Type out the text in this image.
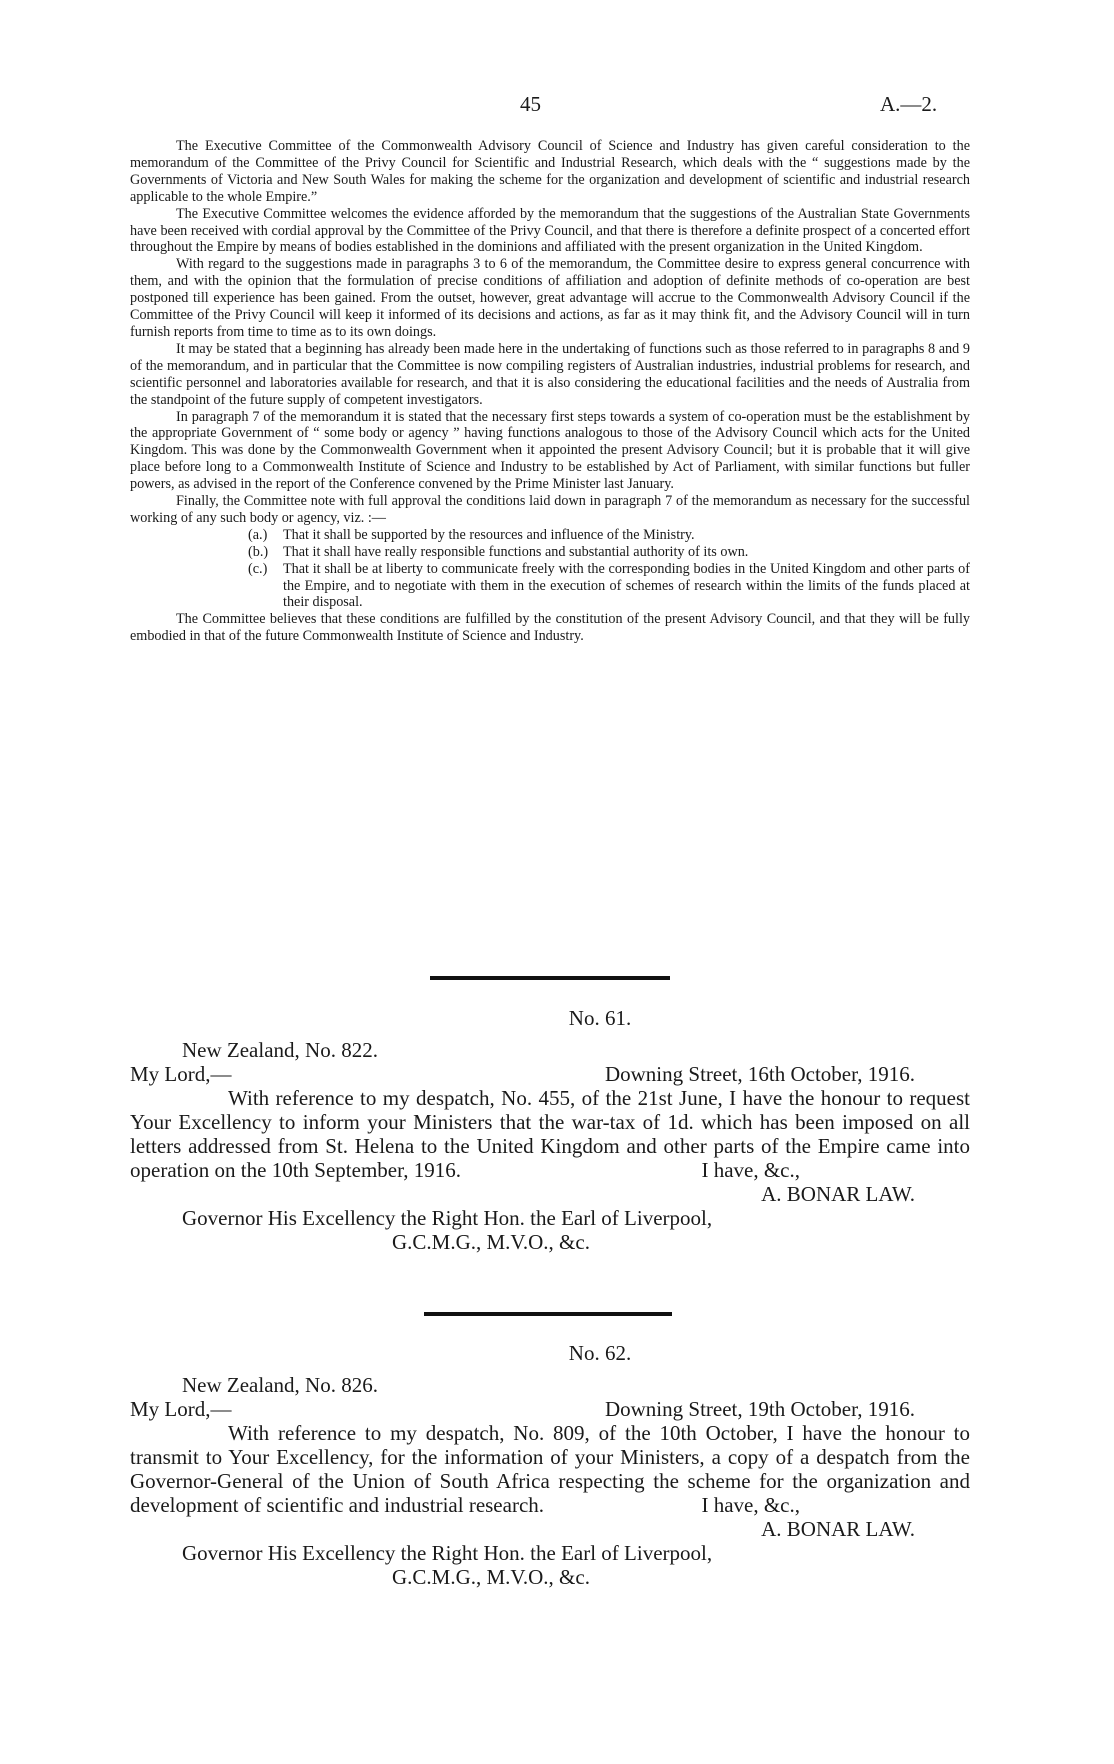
45	A.—2.

The Executive Committee of the Commonwealth Advisory Council of Science and Industry has given careful consideration to the memorandum of the Committee of the Privy Council for Scientific and Industrial Research, which deals with the “ suggestions made by the Governments of Victoria and New South Wales for making the scheme for the organization and development of scientific and industrial research applicable to the whole Empire.”

The Executive Committee welcomes the evidence afforded by the memorandum that the suggestions of the Australian State Governments have been received with cordial approval by the Committee of the Privy Council, and that there is therefore a definite prospect of a concerted effort throughout the Empire by means of bodies established in the dominions and affiliated with the present organization in the United Kingdom.

With regard to the suggestions made in paragraphs 3 to 6 of the memorandum, the Committee desire to express general concurrence with them, and with the opinion that the formulation of precise conditions of affiliation and adoption of definite methods of co-operation are best postponed till experience has been gained. From the outset, however, great advantage will accrue to the Commonwealth Advisory Council if the Committee of the Privy Council will keep it informed of its decisions and actions, as far as it may think fit, and the Advisory Council will in turn furnish reports from time to time as to its own doings.

It may be stated that a beginning has already been made here in the undertaking of functions such as those referred to in paragraphs 8 and 9 of the memorandum, and in particular that the Committee is now compiling registers of Australian industries, industrial problems for research, and scientific personnel and laboratories available for research, and that it is also considering the educational facilities and the needs of Australia from the standpoint of the future supply of competent investigators.

In paragraph 7 of the memorandum it is stated that the necessary first steps towards a system of co-operation must be the establishment by the appropriate Government of “ some body or agency ” having functions analogous to those of the Advisory Council which acts for the United Kingdom. This was done by the Commonwealth Government when it appointed the present Advisory Council; but it is probable that it will give place before long to a Commonwealth Institute of Science and Industry to be established by Act of Parliament, with similar functions but fuller powers, as advised in the report of the Conference convened by the Prime Minister last January.

Finally, the Committee note with full approval the conditions laid down in paragraph 7 of the memorandum as necessary for the successful working of any such body or agency, viz. :—

(a.)	That it shall be supported by the resources and influence of the Ministry.

(b.)	That it shall have really responsible functions and substantial authority of its own.

(c.)	That it shall be at liberty to communicate freely with the corresponding bodies in the United Kingdom and other parts of the Empire, and to negotiate with them in the execution of schemes of research within the limits of the funds placed at their disposal.

The Committee believes that these conditions are fulfilled by the constitution of the present Advisory Council, and that they will be fully embodied in that of the future Commonwealth Institute of Science and Industry.

No. 61.
New Zealand, No. 822.
My Lord,—	Downing Street, 16th October, 1916.
With reference to my despatch, No. 455, of the 21st June, I have the honour to request Your Excellency to inform your Ministers that the war-tax of 1d. which has been imposed on all letters addressed from St. Helena to the United Kingdom and other parts of the Empire came into operation on the 10th September, 1916.	I have, &c.,
A. BONAR LAW.
Governor His Excellency the Right Hon. the Earl of Liverpool,
G.C.M.G., M.V.O., &c.
No. 62.
New Zealand, No. 826.
My Lord,—	Downing Street, 19th October, 1916.
With reference to my despatch, No. 809, of the 10th October, I have the honour to transmit to Your Excellency, for the information of your Ministers, a copy of a despatch from the Governor-General of the Union of South Africa respecting the scheme for the organization and development of scientific and industrial research.	I have, &c.,
A. BONAR LAW.
Governor His Excellency the Right Hon. the Earl of Liverpool,
G.C.M.G., M.V.O., &c.
